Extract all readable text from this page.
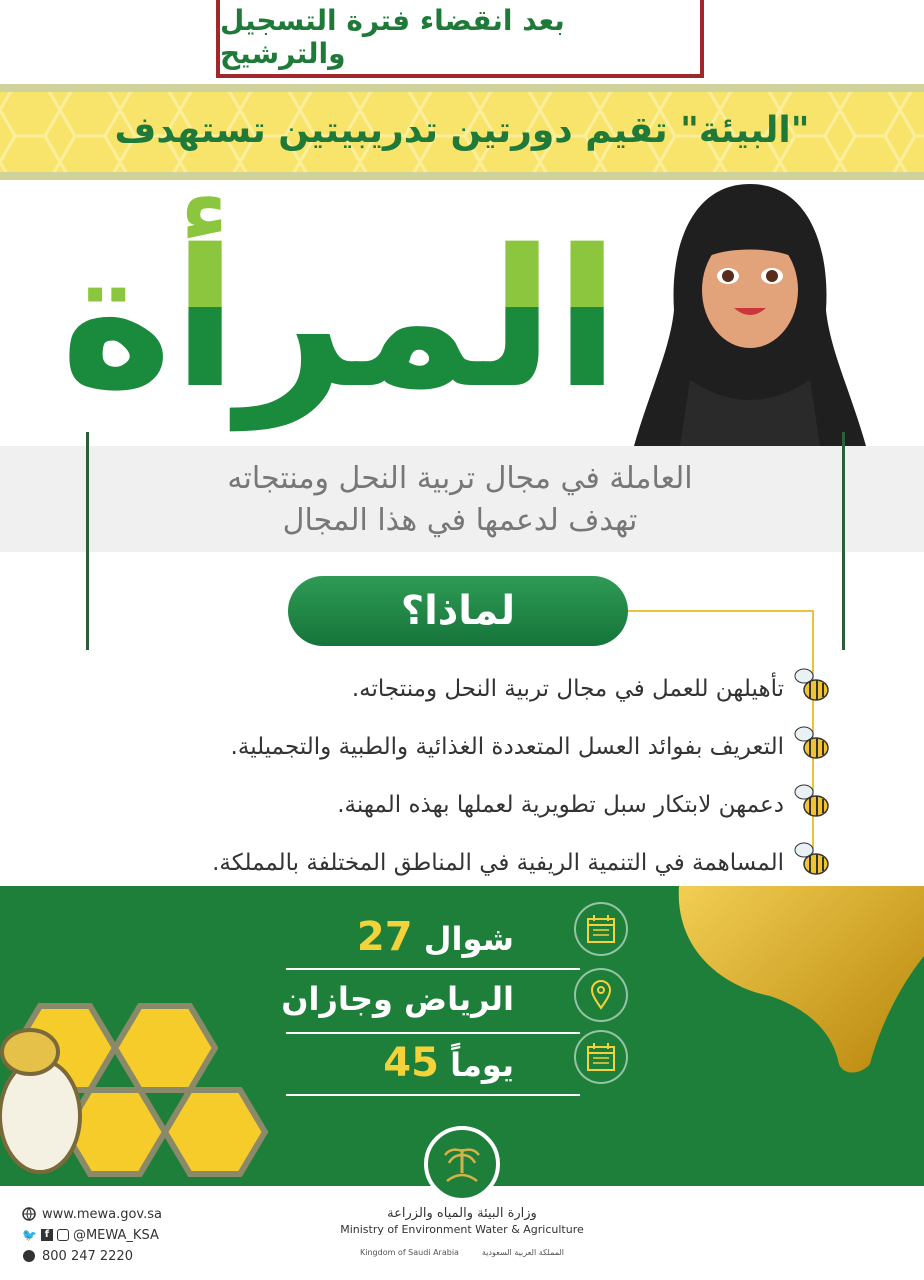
بعد انقضاء فترة التسجيل والترشيح
"البيئة" تقيم دورتين تدريبيتين تستهدف
المرأة
العاملة في مجال تربية النحل ومنتجاته
تهدف لدعمها في هذا المجال
لماذا؟
تأهيلهن للعمل في مجال تربية النحل ومنتجاته.
التعريف بفوائد العسل المتعددة الغذائية والطبية والتجميلية.
دعمهن لابتكار سبل تطويرية لعملها بهذه المهنة.
المساهمة في التنمية الريفية في المناطق المختلفة بالمملكة.
شوال 27
الرياض وجازان
يوماً 45
وزارة البيئة والمياه والزراعة
Ministry of Environment Water & Agriculture
Kingdom of Saudi Arabia	المملكة العربية السعودية
www.mewa.gov.sa
🐦 f @MEWA_KSA
800 247 2220
